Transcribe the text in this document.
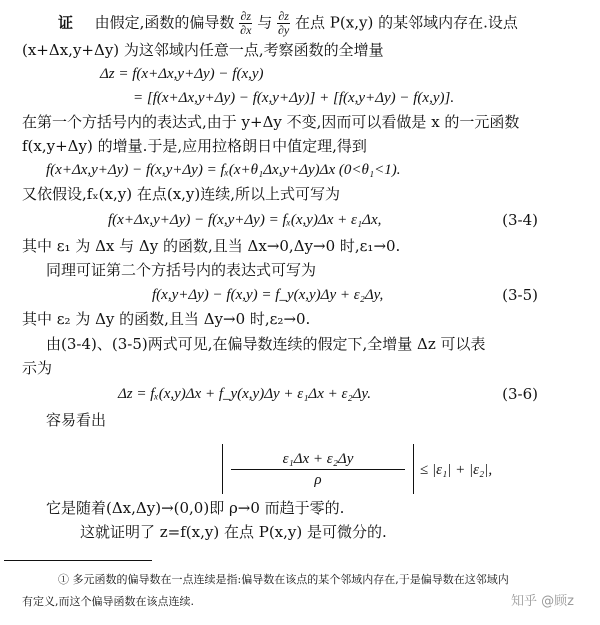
证 由假定,函数的偏导数 $\frac{\partial z}{\partial x}$ 与 $\frac{\partial z}{\partial y}$ 在点 P(x,y) 的某邻域内存在.设点
(x+Δx,y+Δy) 为这邻域内任意一点,考察函数的全增量
Δz = f(x+Δx,y+Δy) − f(x,y)
= [f(x+Δx,y+Δy) − f(x,y+Δy)] + [f(x,y+Δy) − f(x,y)].
在第一个方括号内的表达式,由于 y+Δy 不变,因而可以看做是 x 的一元函数
f(x,y+Δy) 的增量.于是,应用拉格朗日中值定理,得到
f(x+Δx,y+Δy) − f(x,y+Δy) = fₓ(x+θ₁Δx,y+Δy)Δx (0<θ₁<1).
又依假设,fₓ(x,y) 在点(x,y)连续,所以上式可写为
f(x+Δx,y+Δy) − f(x,y+Δy) = fₓ(x,y)Δx + ε₁Δx,	(3-4)
其中 ε₁ 为 Δx 与 Δy 的函数,且当 Δx→0,Δy→0 时,ε₁→0.
同理可证第二个方括号内的表达式可写为
f(x,y+Δy) − f(x,y) = f_y(x,y)Δy + ε₂Δy,	(3-5)
其中 ε₂ 为 Δy 的函数,且当 Δy→0 时,ε₂→0.
由(3-4)、(3-5)两式可见,在偏导数连续的假定下,全增量 Δz 可以表
示为
Δz = fₓ(x,y)Δx + f_y(x,y)Δy + ε₁Δx + ε₂Δy.	(3-6)
容易看出
$\frac{\text{ε₁Δx + ε₂Δy}}{\rho} \le |\varepsilon_1| + |\varepsilon_2|$,
它是随着(Δx,Δy)→(0,0)即 ρ→0 而趋于零的.
这就证明了 z=f(x,y) 在点 P(x,y) 是可微分的.
① 多元函数的偏导数在一点连续是指:偏导数在该点的某个邻域内存在,于是偏导数在这邻域内
有定义,而这个偏导函数在该点连续.	知乎 @顾z
